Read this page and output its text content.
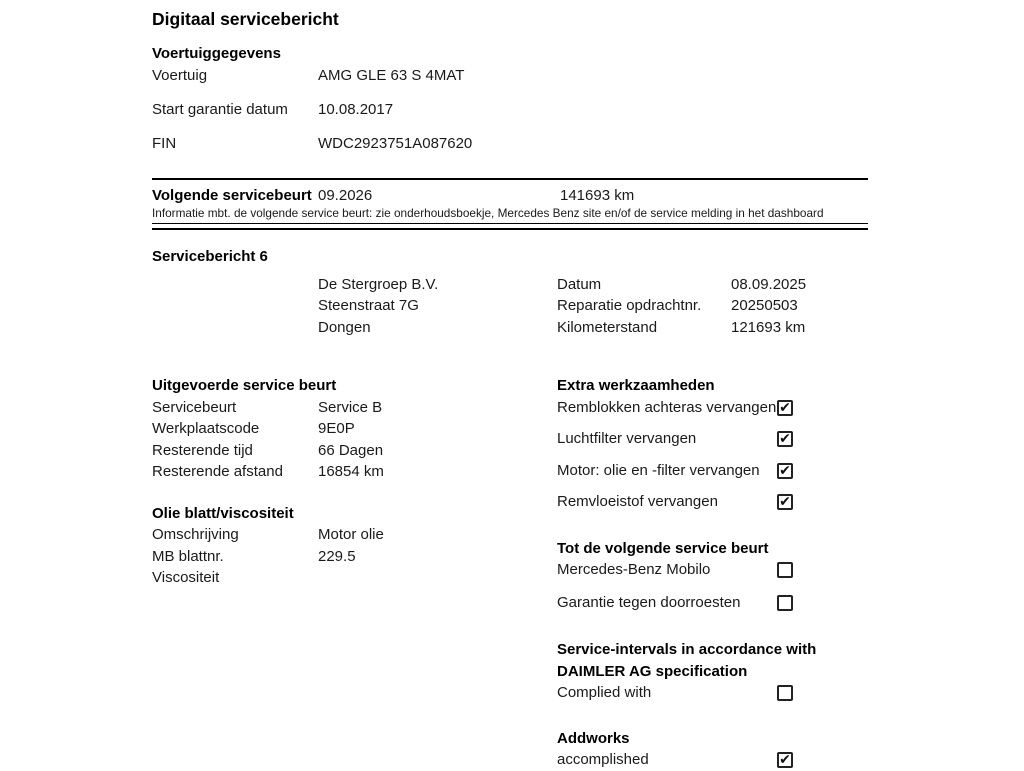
Digitaal servicebericht
Voertuiggegevens
Voertuig	AMG GLE 63 S 4MAT
Start garantie datum	10.08.2017
FIN	WDC2923751A087620
Volgende servicebeurt 09.2026	141693 km
Informatie mbt. de volgende service beurt: zie onderhoudsboekje, Mercedes Benz site en/of de service melding in het dashboard
Servicebericht 6
De Stergroep B.V.
Steenstraat 7G
Dongen
Datum	08.09.2025
Reparatie opdrachtnr.	20250503
Kilometerstand	121693 km
Uitgevoerde service beurt
Servicebeurt	Service B
Werkplaatscode	9E0P
Resterende tijd	66 Dagen
Resterende afstand	16854 km
Olie blatt/viscositeit
Omschrijving	Motor olie
MB blattnr.	229.5
Viscositeit
Extra werkzaamheden
Remblokken achteras vervangen ✔
Luchtfilter vervangen	✔
Motor: olie en -filter vervangen	✔
Remvloeistof vervangen	✔
Tot de volgende service beurt
Mercedes-Benz Mobilo
Garantie tegen doorroesten
Service-intervals in accordance with DAIMLER AG specification
Complied with
Addworks
accomplished	✔
